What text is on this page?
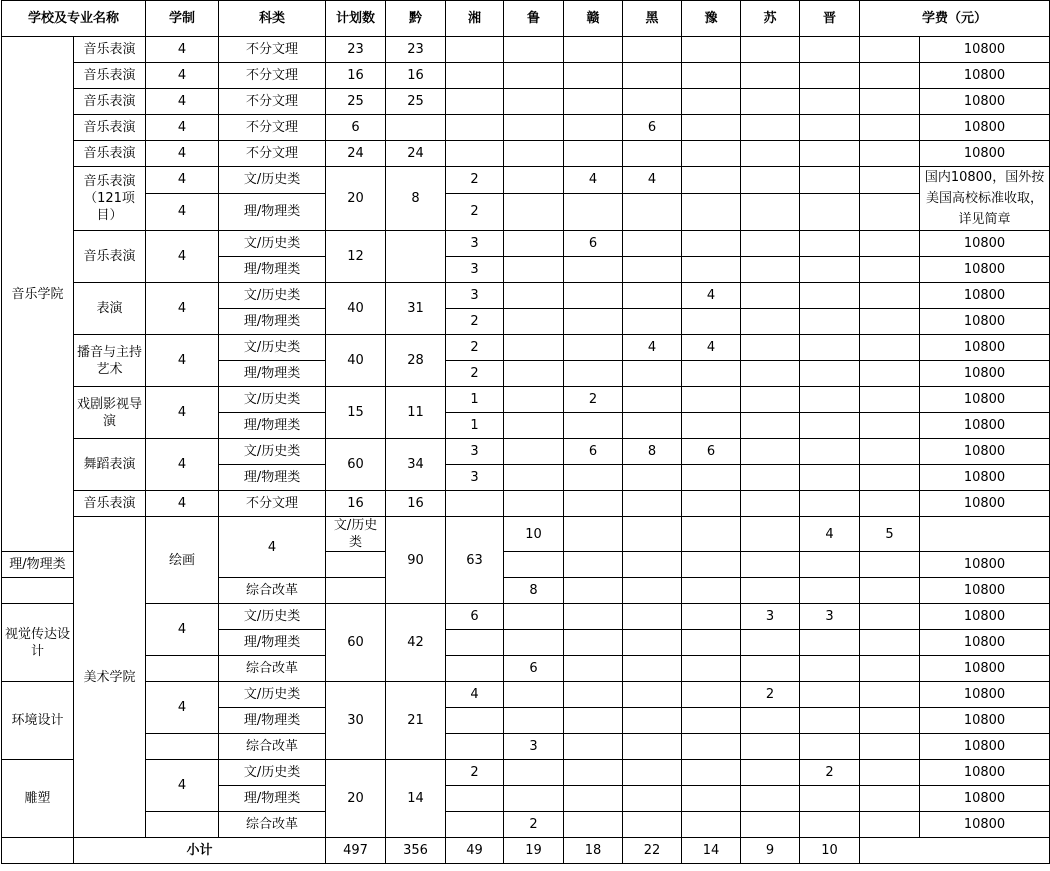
学校及专业名称		学制	科类	计划数	黔	湘	鲁	赣	黑	豫	苏	晋	学费（元）		
音乐学院	音乐表演	4	不分文理	23	23									10800	
	音乐表演	4	不分文理	16	16									10800	
	音乐表演	4	不分文理	25	25									10800	
	音乐表演	4	不分文理	6					6					10800	
	音乐表演	4	不分文理	24	24									10800	
	音乐表演（121项目）	4	文/历史类	20	8	2		4	4					国内10800，国外按美国高校标准收取，详见简章	
		4	理/物理类			2									
	音乐表演	4	文/历史类	12		3		6						10800	
			理/物理类			3								10800	
	表演	4	文/历史类	40	31	3				4				10800	
			理/物理类			2								10800	
	播音与主持艺术	4	文/历史类	40	28	2			4	4				10800	
			理/物理类			2								10800	
	戏剧影视导演	4	文/历史类	15	11	1		2						10800	
			理/物理类			1								10800	
	舞蹈表演	4	文/历史类	60	34	3		6	8	6				10800	
			理/物理类			3								10800	
	音乐表演	4	不分文理	16	16									10800	
	美术学院	绘画	4	文/历史类	90	63	10					4	5		
理/物理类														10800	
			综合改革				8							10800	
视觉传达设计		4	文/历史类	60	42	6					3	3		10800	
			理/物理类											10800	
			综合改革				6							10800	
环境设计		4	文/历史类	30	21	4					2			10800	
			理/物理类											10800	
			综合改革				3							10800	
雕塑		4	文/历史类	20	14	2						2		10800	
			理/物理类											10800	
			综合改革				2							10800	
	小计			497	356	49	19	18	22	14	9	10			
